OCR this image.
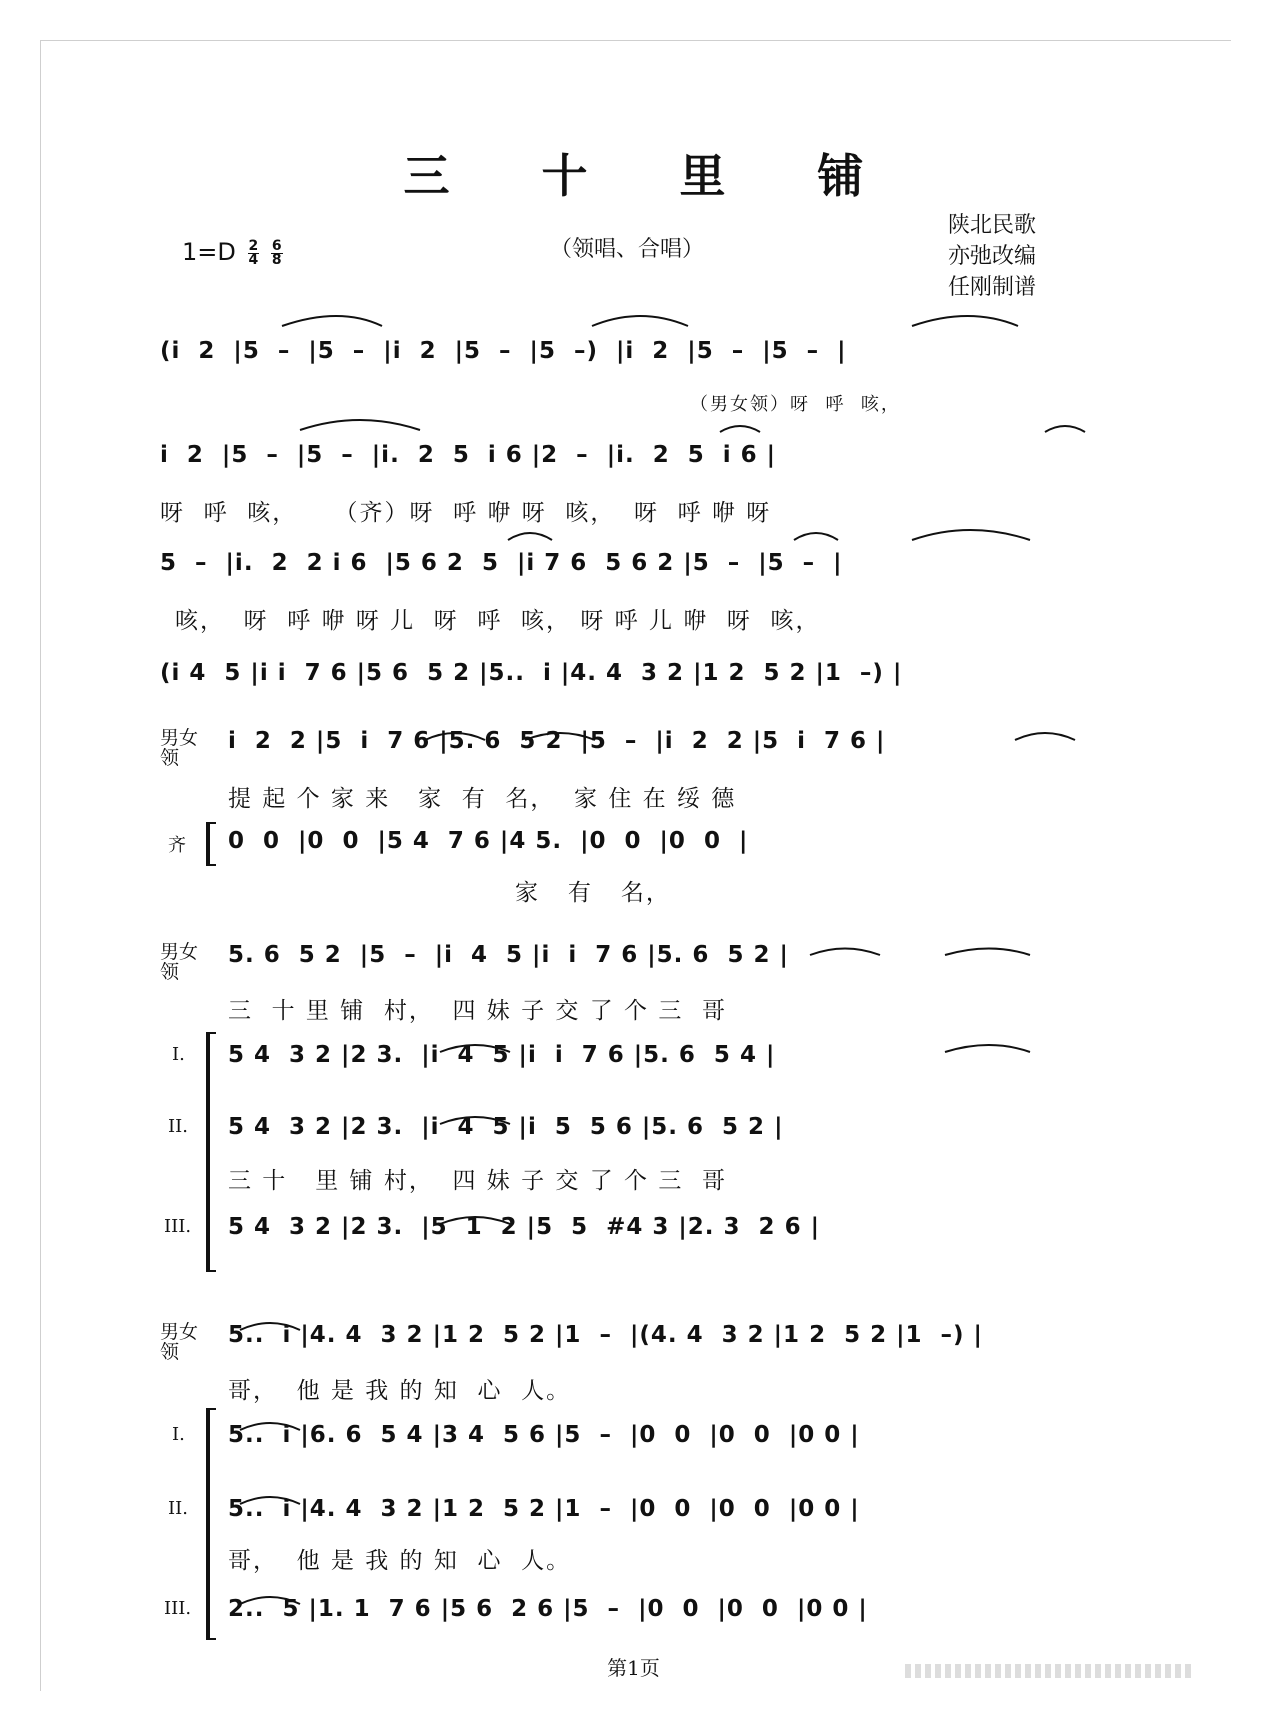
三 十 里 铺
$1=D \frac{2}{4}$
$\frac{6}{8}$	（领唱、合唱）
陕北民歌
亦弛改编
任刚制谱
(i  2  |5  –  |5  –  |i  2  |5  –  |5  –)  |i  2  |5  –  |5  –  |
（男女领）呀  呼  咳，
i  2  |5  –  |5  –  |i.  2  5  i 6 |2  –  |i.  2  5  i 6 |
呀  呼  咳，    （齐）呀  呼 咿 呀  咳，  呀  呼 咿 呀
5  –  |i.  2  2 i 6  |5 6 2  5  |i 7 6  5 6 2 |5  –  |5  –  |
咳，  呀  呼 咿 呀 儿  呀  呼  咳， 呀 呼 儿 咿  呀  咳，
(i 4  5 |i i  7 6 |5 6  5 2 |5..  i |4. 4  3 2 |1 2  5 2 |1  –) |
男女领
i  2  2 |5  i  7 6 |5. 6  5 2  |5  –  |i  2  2 |5  i  7 6 |
提 起 个 家 来   家  有  名，  家 住 在 绥 德
齐 0  0  |0  0  |5 4  7 6 |4 5.  |0  0  |0  0  |
家   有   名，
男女领
5. 6  5 2  |5  –  |i  4  5 |i  i  7 6 |5. 6  5 2 |
三  十 里 铺  村，  四 妹 子 交 了 个 三  哥
I. 5 4  3 2 |2 3.  |i  4  5 |i  i  7 6 |5. 6  5 4 |
II. 5 4  3 2 |2 3.  |i  4  5 |i  5  5 6 |5. 6  5 2 |
三 十   里 铺 村，  四 妹 子 交 了 个 三  哥
III. 5 4  3 2 |2 3.  |5  1  2 |5  5  #4 3 |2. 3  2 6 |
男女领
5..  i |4. 4  3 2 |1 2  5 2 |1  –  |(4. 4  3 2 |1 2  5 2 |1  –) |
哥，  他 是 我 的 知  心  人。
I. 5..  i |6. 6  5 4 |3 4  5 6 |5  –  |0  0  |0  0  |0 0 |
II. 5..  i |4. 4  3 2 |1 2  5 2 |1  –  |0  0  |0  0  |0 0 |
哥，  他 是 我 的 知  心  人。
III. 2..  5 |1. 1  7 6 |5 6  2 6 |5  –  |0  0  |0  0  |0 0 |
第1页
